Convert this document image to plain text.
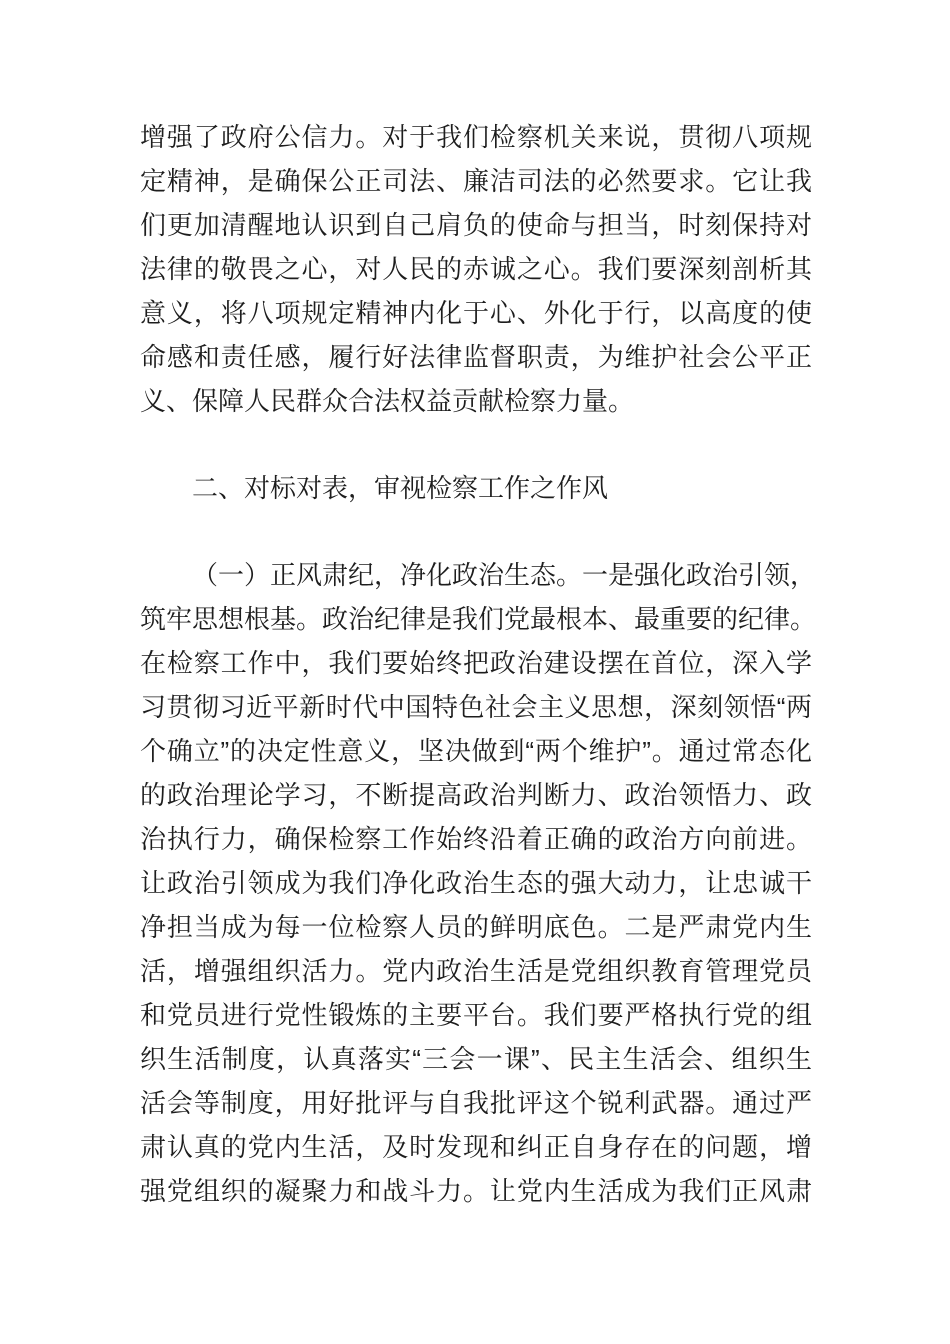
增强了政府公信力。对于我们检察机关来说，贯彻八项规
定精神，是确保公正司法、廉洁司法的必然要求。它让我
们更加清醒地认识到自己肩负的使命与担当，时刻保持对
法律的敬畏之心，对人民的赤诚之心。我们要深刻剖析其
意义，将八项规定精神内化于心、外化于行，以高度的使
命感和责任感，履行好法律监督职责，为维护社会公平正
义、保障人民群众合法权益贡献检察力量。
二、对标对表，审视检察工作之作风
（一）正风肃纪，净化政治生态。一是强化政治引领，
筑牢思想根基。政治纪律是我们党最根本、最重要的纪律。
在检察工作中，我们要始终把政治建设摆在首位，深入学
习贯彻习近平新时代中国特色社会主义思想，深刻领悟“两
个确立”的决定性意义，坚决做到“两个维护”。通过常态化
的政治理论学习，不断提高政治判断力、政治领悟力、政
治执行力，确保检察工作始终沿着正确的政治方向前进。
让政治引领成为我们净化政治生态的强大动力，让忠诚干
净担当成为每一位检察人员的鲜明底色。二是严肃党内生
活，增强组织活力。党内政治生活是党组织教育管理党员
和党员进行党性锻炼的主要平台。我们要严格执行党的组
织生活制度，认真落实“三会一课”、民主生活会、组织生
活会等制度，用好批评与自我批评这个锐利武器。通过严
肃认真的党内生活，及时发现和纠正自身存在的问题，增
强党组织的凝聚力和战斗力。让党内生活成为我们正风肃
